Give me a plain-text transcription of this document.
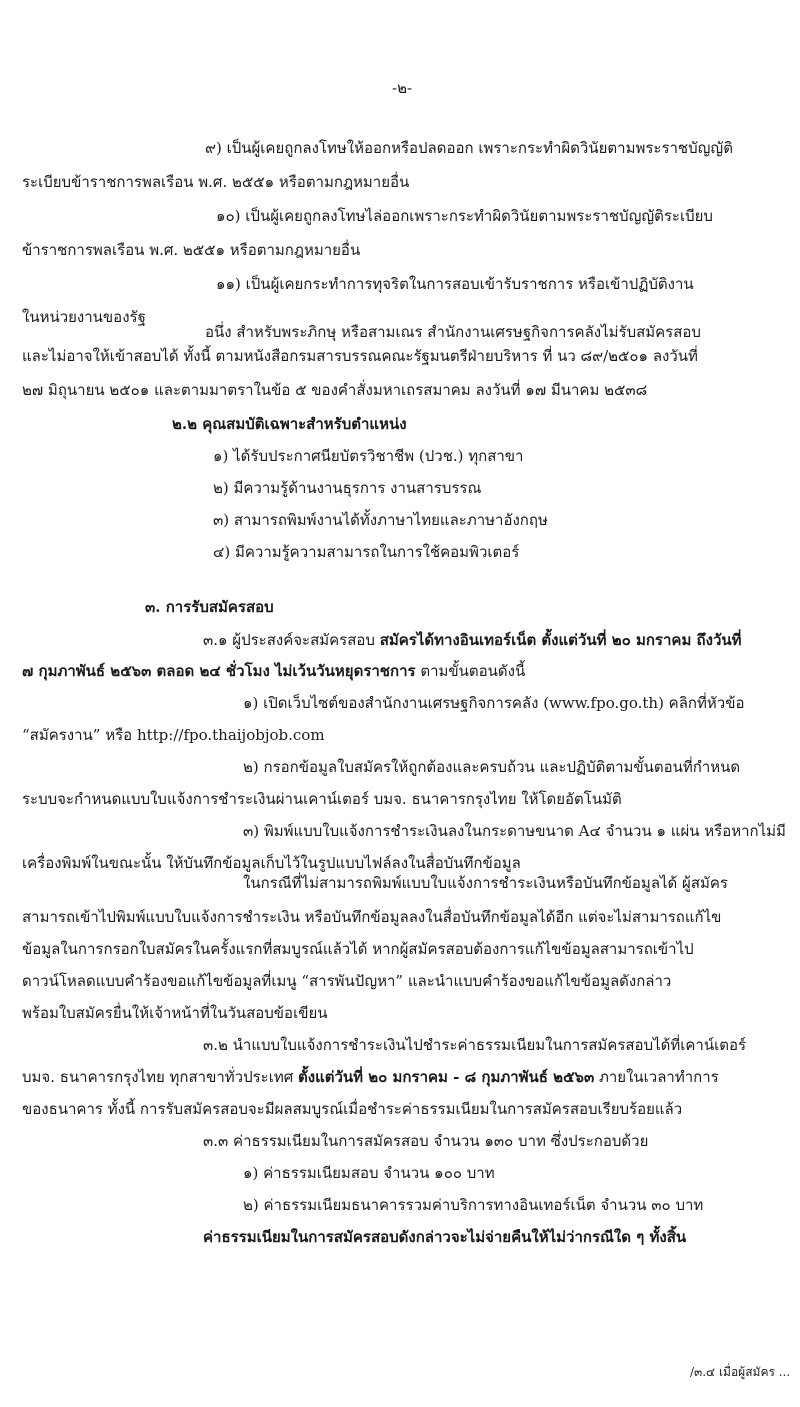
-๒-
๙) เป็นผู้เคยถูกลงโทษให้ออกหรือปลดออก เพราะกระทำผิดวินัยตามพระราชบัญญัติ
ระเบียบข้าราชการพลเรือน พ.ศ. ๒๕๕๑ หรือตามกฎหมายอื่น
๑๐) เป็นผู้เคยถูกลงโทษไล่ออกเพราะกระทำผิดวินัยตามพระราชบัญญัติระเบียบ
ข้าราชการพลเรือน พ.ศ. ๒๕๕๑ หรือตามกฎหมายอื่น
๑๑) เป็นผู้เคยกระทำการทุจริตในการสอบเข้ารับราชการ หรือเข้าปฏิบัติงาน
ในหน่วยงานของรัฐ
อนึ่ง สำหรับพระภิกษุ หรือสามเณร สำนักงานเศรษฐกิจการคลังไม่รับสมัครสอบ
และไม่อาจให้เข้าสอบได้ ทั้งนี้ ตามหนังสือกรมสารบรรณคณะรัฐมนตรีฝ่ายบริหาร ที่ นว ๘๙/๒๕๐๑ ลงวันที่
๒๗ มิถุนายน ๒๕๐๑ และตามมาตราในข้อ ๕ ของคำสั่งมหาเถรสมาคม ลงวันที่ ๑๗ มีนาคม ๒๕๓๘
๒.๒ คุณสมบัติเฉพาะสำหรับตำแหน่ง
๑) ได้รับประกาศนียบัตรวิชาชีพ (ปวช.) ทุกสาขา
๒) มีความรู้ด้านงานธุรการ งานสารบรรณ
๓) สามารถพิมพ์งานได้ทั้งภาษาไทยและภาษาอังกฤษ
๔) มีความรู้ความสามารถในการใช้คอมพิวเตอร์
๓. การรับสมัครสอบ
๓.๑ ผู้ประสงค์จะสมัครสอบ สมัครได้ทางอินเทอร์เน็ต ตั้งแต่วันที่ ๒๐ มกราคม ถึงวันที่
๗ กุมภาพันธ์ ๒๕๖๓ ตลอด ๒๔ ชั่วโมง ไม่เว้นวันหยุดราชการ ตามขั้นตอนดังนี้
๑) เปิดเว็บไซต์ของสำนักงานเศรษฐกิจการคลัง (www.fpo.go.th) คลิกที่หัวข้อ
“สมัครงาน” หรือ http://fpo.thaijobjob.com
๒) กรอกข้อมูลใบสมัครให้ถูกต้องและครบถ้วน และปฏิบัติตามขั้นตอนที่กำหนด
ระบบจะกำหนดแบบใบแจ้งการชำระเงินผ่านเคาน์เตอร์ บมจ. ธนาคารกรุงไทย ให้โดยอัตโนมัติ
๓) พิมพ์แบบใบแจ้งการชำระเงินลงในกระดาษขนาด A๔ จำนวน ๑ แผ่น หรือหากไม่มี
เครื่องพิมพ์ในขณะนั้น ให้บันทึกข้อมูลเก็บไว้ในรูปแบบไฟล์ลงในสื่อบันทึกข้อมูล
ในกรณีที่ไม่สามารถพิมพ์แบบใบแจ้งการชำระเงินหรือบันทึกข้อมูลได้ ผู้สมัคร
สามารถเข้าไปพิมพ์แบบใบแจ้งการชำระเงิน หรือบันทึกข้อมูลลงในสื่อบันทึกข้อมูลได้อีก แต่จะไม่สามารถแก้ไข
ข้อมูลในการกรอกใบสมัครในครั้งแรกที่สมบูรณ์แล้วได้ หากผู้สมัครสอบต้องการแก้ไขข้อมูลสามารถเข้าไป
ดาวน์โหลดแบบคำร้องขอแก้ไขข้อมูลที่เมนู “สารพันปัญหา” และนำแบบคำร้องขอแก้ไขข้อมูลดังกล่าว
พร้อมใบสมัครยื่นให้เจ้าหน้าที่ในวันสอบข้อเขียน
๓.๒ นำแบบใบแจ้งการชำระเงินไปชำระค่าธรรมเนียมในการสมัครสอบได้ที่เคาน์เตอร์
บมจ. ธนาคารกรุงไทย ทุกสาขาทั่วประเทศ ตั้งแต่วันที่ ๒๐ มกราคม - ๘ กุมภาพันธ์ ๒๕๖๓ ภายในเวลาทำการ
ของธนาคาร ทั้งนี้ การรับสมัครสอบจะมีผลสมบูรณ์เมื่อชำระค่าธรรมเนียมในการสมัครสอบเรียบร้อยแล้ว
๓.๓ ค่าธรรมเนียมในการสมัครสอบ จำนวน ๑๓๐ บาท ซึ่งประกอบด้วย
๑) ค่าธรรมเนียมสอบ จำนวน ๑๐๐ บาท
๒) ค่าธรรมเนียมธนาคารรวมค่าบริการทางอินเทอร์เน็ต จำนวน ๓๐ บาท
ค่าธรรมเนียมในการสมัครสอบดังกล่าวจะไม่จ่ายคืนให้ไม่ว่ากรณีใด ๆ ทั้งสิ้น
/๓.๔ เมื่อผู้สมัคร ...
